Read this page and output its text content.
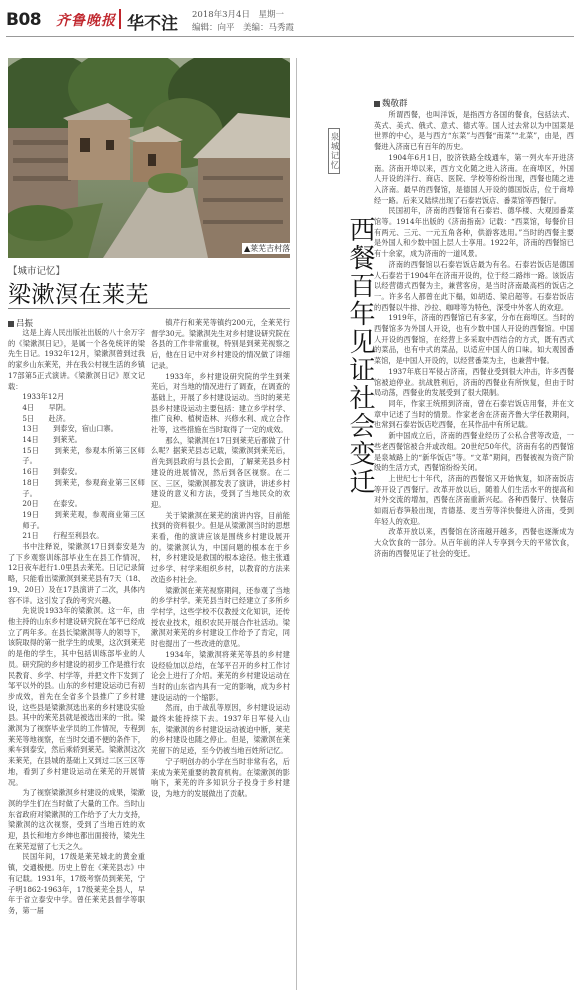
B08 齐鲁晚报 华不注 2018年3月4日　星期一
编辑：向平　美编：马秀霞
▲莱芜吉村落
【城市记忆】
梁漱溟在莱芜
吕振

这是上海人民出版社出版的八十余万字的《梁漱溟日记》，是属一个各免统评的梁先生日记。1932年12月，梁漱溟曾到过我的家乡山东莱芜，并在我公村视生活的乡镇17部第5正式演讲。《梁漱溟日记》原文记载：

1933年12月

4日　　早阴。

5日　　赴济。

13日　　到泰安，宿山口寨。

14日　　到莱芜。

15日　　到莱芜，参观本所第三区师子。

16日　　到泰安。

18日　　到莱芜，参观商业第三区师子。

20日　　在泰安。

19日　　到莱芜观，参观商业第三区师子。

21日　　行程至利县农。

书中注释说，梁漱溟17日到泰安是为了下乡观察训练部毕业生在县工作情况，12日夜车赶行1.0里县去莱芜。日记记录简略，只能看出梁漱溟到莱芜县有7天（18、19、20日）及在17县演讲了二次，具体内容不详。这引发了我的考究兴趣。

先说说1933年的梁漱溟。这一年，由他主持的山东乡村建设研究院在邹平已经成立了两年多。在县长梁漱溟等人的领导下，该院取得的第一批学生的成果，这次到莱芜的是他的学生，其中包括训练部毕业的人员。研究院的乡村建设的初步工作是推行农民教育、乡学、村学等，并把文件下发到了邹平以外的县。山东的乡村建设运动已有初步成效，首先在全省多个县推广了乡村建设，这些县是梁漱溟选出来的乡村建设实验县。其中的莱芜县就是被选出来的一批。梁漱溟为了视察毕业学员的工作情况，专程到莱芜等地视察，在当时交通不便的条件下，乘车到泰安，然后乘轿到莱芜。梁漱溟这次来莱芜，在县城的基础上又到过二区三区等地，看到了乡村建设运动在莱芜的开展情况。

为了视察梁漱溟乡村建设的成果，梁漱溟的学生们在当时做了大量的工作。当时山东省政府对梁漱溟的工作给予了大力支持，梁漱溟的这次视察，受到了当地百姓的欢迎，县长和地方乡绅也都出面接待，梁先生在莱芜逗留了七天之久。

民国年间，17级是莱芜城北的黄金重镇，交通极便。历史上曾在《莱芜县志》中有记载。1931年，17级考察员到莱芜，宁子明1862-1963年，17级莱芜全县人，早年于省立泰安中学。曾任莱芜县督学等职务，第一届

镇芹行和莱芜等镇约200元，全莱芜行督学30元。梁漱溟先生对乡村建设研究院在各县的工作非常重视，特别是到莱芜视察之后，他在日记中对乡村建设的情况做了详细记录。

1933年，乡村建设研究院的学生到莱芜后，对当地的情况进行了调查，在调查的基础上，开展了乡村建设运动。当时的莱芜县乡村建设运动主要包括：建立乡学村学、推广良种、植树造林、兴修水利、成立合作社等，这些措施在当时取得了一定的成效。

那么，梁漱溟在17日到莱芜后都做了什么呢？据莱芜县志记载，梁漱溟到莱芜后，首先到县政府与县长会面，了解莱芜县乡村建设的进展情况，然后到各区视察。在二区、三区，梁漱溟都发表了演讲，讲述乡村建设的意义和方法，受到了当地民众的欢迎。

关于梁漱溟在莱芜的演讲内容，目前能找到的资料很少。但是从梁漱溟当时的思想来看，他的演讲应该是围绕乡村建设展开的。梁漱溟认为，中国问题的根本在于乡村，乡村建设是救国的根本途径。他主张通过乡学、村学来组织乡村，以教育的方法来改造乡村社会。

梁漱溟在莱芜视察期间，还参观了当地的乡学村学。莱芜县当时已经建立了多所乡学村学，这些学校不仅教授文化知识，还传授农业技术，组织农民开展合作社活动。梁漱溟对莱芜的乡村建设工作给予了肯定，同时也提出了一些改进的意见。

1934年，梁漱溟将莱芜等县的乡村建设经验加以总结，在邹平召开的乡村工作讨论会上进行了介绍。莱芜的乡村建设运动在当时的山东省内具有一定的影响，成为乡村建设运动的一个缩影。

然而，由于战乱等原因，乡村建设运动最终未能持续下去。1937年日军侵入山东，梁漱溟的乡村建设运动被迫中断，莱芜的乡村建设也随之停止。但是，梁漱溟在莱芜留下的足迹，至今仍被当地百姓所记忆。

宁子明创办的小学在当时非常有名，后来成为莱芜重要的教育机构。在梁漱溟的影响下，莱芜的许多知识分子投身于乡村建设，为地方的发展做出了贡献。

泉城记忆
西餐百年见证社会变迁
魏敬群

所谓西餐，也叫洋饭，是指西方各国的餐食，包括法式、英式、美式、俄式、意式、德式等。国人过去常以为中国菜是世界的中心，是与西方“东菜”与西餐“南菜”“北菜”，由是，西餐进入济南已有百年的历史。

1904年6月1日，胶济铁路全线通车，第一列火车开进济南。济南开埠以来，西方文化随之进入济南。在商埠区，外国人开设的洋行、商店、医院、学校等纷纷出现，西餐也随之进入济南。最早的西餐馆，是德国人开设的德国饭店，位于商埠经一路。后来又陆续出现了石泰岩饭店、番菜馆等西餐厅。

民国初年，济南的西餐馆有石泰岩、德华楼、大观园番菜馆等。1914年出版的《济南指南》记载：“西菜馆，每餐价目有两元、三元、一元五角各种，供游客选用。”当时的西餐主要是外国人和少数中国上层人士享用。1922年，济南的西餐馆已有十余家，成为济南的一道风景。

济南的西餐馆以石泰岩饭店最为有名。石泰岩饭店是德国人石泰岩于1904年在济南开设的，位于经二路纬一路。该饭店以经营德式西餐为主，兼营客房，是当时济南最高档的饭店之一。许多名人都曾在此下榻，如胡适、梁启超等。石泰岩饭店的西餐以牛排、沙拉、咖啡等为特色，深受中外客人的欢迎。

1919年，济南的西餐馆已有多家，分布在商埠区。当时的西餐馆多为外国人开设，也有少数中国人开设的西餐馆。中国人开设的西餐馆，在经营上多采取中西结合的方式，既有西式的菜品，也有中式的菜品，以适应中国人的口味。如大观园番菜馆，是中国人开设的，以经营番菜为主，也兼营中餐。

1937年底日军侵占济南，西餐业受到很大冲击，许多西餐馆被迫停业。抗战胜利后，济南的西餐业有所恢复，但由于时局动荡，西餐业的发展受到了很大限制。

同年，作家王统照到济南，曾在石泰岩饭店用餐，并在文章中记述了当时的情景。作家老舍在济南齐鲁大学任教期间，也常到石泰岩饭店吃西餐，在其作品中有所记载。

新中国成立后，济南的西餐业经历了公私合营等改造，一些老西餐馆被合并或改组。20世纪50年代，济南有名的西餐馆是泉城路上的“新华饭店”等。“文革”期间，西餐被视为资产阶级的生活方式，西餐馆纷纷关闭。

上世纪七十年代，济南的西餐馆又开始恢复，如济南饭店等开设了西餐厅。改革开放以后，随着人们生活水平的提高和对外交流的增加，西餐在济南重新兴起。各种西餐厅、快餐店如雨后春笋般出现，肯德基、麦当劳等洋快餐进入济南，受到年轻人的欢迎。

改革开放以来，西餐馆在济南越开越多，西餐也逐渐成为大众饮食的一部分。从百年前的洋人专享到今天的平常饮食，济南的西餐见证了社会的变迁。
